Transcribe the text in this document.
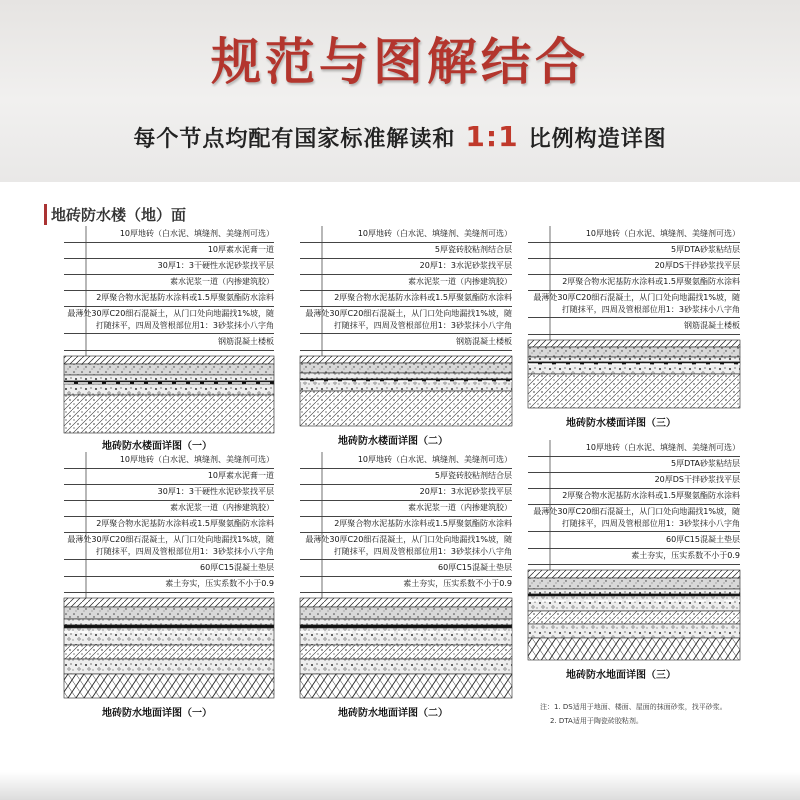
规范与图解结合
每个节点均配有国家标准解读和 1:1 比例构造详图
地砖防水楼（地）面
10厚地砖（白水泥、填缝剂、美缝剂可选）
10厚素水泥膏一道
30厚1：3干硬性水泥砂浆找平层
素水泥浆一道（内掺建筑胶）
2厚聚合物水泥基防水涂料或1.5厚聚氨酯防水涂料
最薄处30厚C20细石混凝土，从门口处向地漏找1%坡，随打随抹平，四周及管根部位用1：3砂浆抹小八字角
钢筋混凝土楼板
地砖防水楼面详图（一）
10厚地砖（白水泥、填缝剂、美缝剂可选）
5厚瓷砖胶粘剂结合层
20厚1：3水泥砂浆找平层
素水泥浆一道（内掺建筑胶）
2厚聚合物水泥基防水涂料或1.5厚聚氨酯防水涂料
最薄处30厚C20细石混凝土，从门口处向地漏找1%坡，随打随抹平，四周及管根部位用1：3砂浆抹小八字角
钢筋混凝土楼板
地砖防水楼面详图（二）
10厚地砖（白水泥、填缝剂、美缝剂可选）
5厚DTA砂浆粘结层
20厚DS干拌砂浆找平层
2厚聚合物水泥基防水涂料或1.5厚聚氨酯防水涂料
最薄处30厚C20细石混凝土，从门口处向地漏找1%坡，随打随抹平，四周及管根部位用1：3砂浆抹小八字角
钢筋混凝土楼板
地砖防水楼面详图（三）
10厚地砖（白水泥、填缝剂、美缝剂可选）
10厚素水泥膏一道
30厚1：3干硬性水泥砂浆找平层
素水泥浆一道（内掺建筑胶）
2厚聚合物水泥基防水涂料或1.5厚聚氨酯防水涂料
最薄处30厚C20细石混凝土，从门口处向地漏找1%坡，随打随抹平，四周及管根部位用1：3砂浆抹小八字角
60厚C15混凝土垫层
素土夯实，压实系数不小于0.9
地砖防水地面详图（一）
10厚地砖（白水泥、填缝剂、美缝剂可选）
5厚瓷砖胶粘剂结合层
20厚1：3水泥砂浆找平层
素水泥浆一道（内掺建筑胶）
2厚聚合物水泥基防水涂料或1.5厚聚氨酯防水涂料
最薄处30厚C20细石混凝土，从门口处向地漏找1%坡，随打随抹平，四周及管根部位用1：3砂浆抹小八字角
60厚C15混凝土垫层
素土夯实，压实系数不小于0.9
地砖防水地面详图（二）
10厚地砖（白水泥、填缝剂、美缝剂可选）
5厚DTA砂浆粘结层
20厚DS干拌砂浆找平层
2厚聚合物水泥基防水涂料或1.5厚聚氨酯防水涂料
最薄处30厚C20细石混凝土，从门口处向地漏找1%坡，随打随抹平，四周及管根部位用1：3砂浆抹小八字角
60厚C15混凝土垫层
素土夯实，压实系数不小于0.9
地砖防水地面详图（三）
注：1. DS适用于地面、楼面、屋面的抹面砂浆，找平砂浆。
2. DTA适用于陶瓷砖胶粘剂。
